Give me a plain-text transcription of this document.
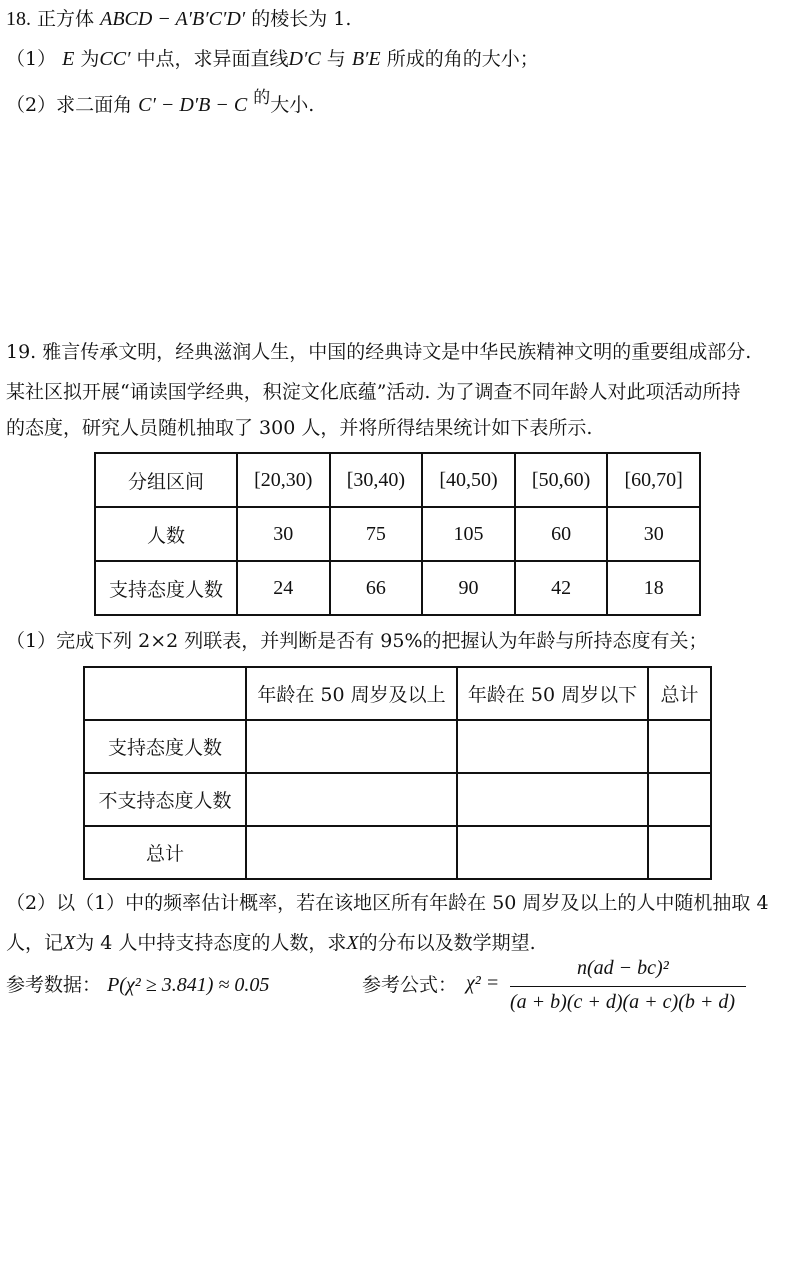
18. 正方体 ABCD − A′B′C′D′ 的棱长为 1.
（1） E 为CC′ 中点，求异面直线D′C 与 B′E 所成的角的大小；
（2）求二面角 C′ − D′B − C 的大小.
19. 雅言传承文明，经典滋润人生，中国的经典诗文是中华民族精神文明的重要组成部分.
某社区拟开展“诵读国学经典，积淀文化底蕴”活动. 为了调查不同年龄人对此项活动所持
的态度，研究人员随机抽取了 300 人，并将所得结果统计如下表所示.
分组区间	[20,30)	[30,40)	[40,50)	[50,60)	[60,70]
人数	30	75	105	60	30
支持态度人数	24	66	90	42	18
（1）完成下列 2×2 列联表，并判断是否有 95%的把握认为年龄与所持态度有关；
	年龄在 50 周岁及以上	年龄在 50 周岁以下	总计
支持态度人数			
不支持态度人数			
总计			
（2）以（1）中的频率估计概率，若在该地区所有年龄在 50 周岁及以上的人中随机抽取 4
人，记X为 4 人中持支持态度的人数，求X的分布以及数学期望.
参考数据： P(χ² ≥ 3.841) ≈ 0.05	参考公式： χ² =
n(ad − bc)²
(a + b)(c + d)(a + c)(b + d)
